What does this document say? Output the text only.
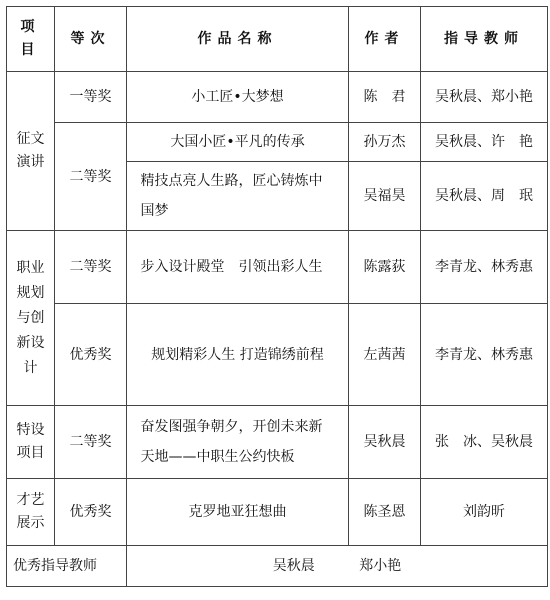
项目	等次	作品名称	作者	指导教师
征文演讲	一等奖	小工匠•大梦想	陈　君	吴秋晨、郑小艳
	二等奖	大国小匠•平凡的传承	孙万杰	吴秋晨、许　艳
		精技点亮人生路，匠心铸炼中国梦	吴福昊	吴秋晨、周　珉
职业规划与创新设计	二等奖	步入设计殿堂　引领出彩人生	陈露荻	李青龙、林秀惠
	优秀奖	规划精彩人生 打造锦绣前程	左茜茜	李青龙、林秀惠
特设项目	二等奖	奋发图强争朝夕，开创未来新天地——中职生公约快板	吴秋晨	张　冰、吴秋晨
才艺展示	优秀奖	克罗地亚狂想曲	陈圣恩	刘韵昕
优秀指导教师		吴秋晨 郑小艳		
